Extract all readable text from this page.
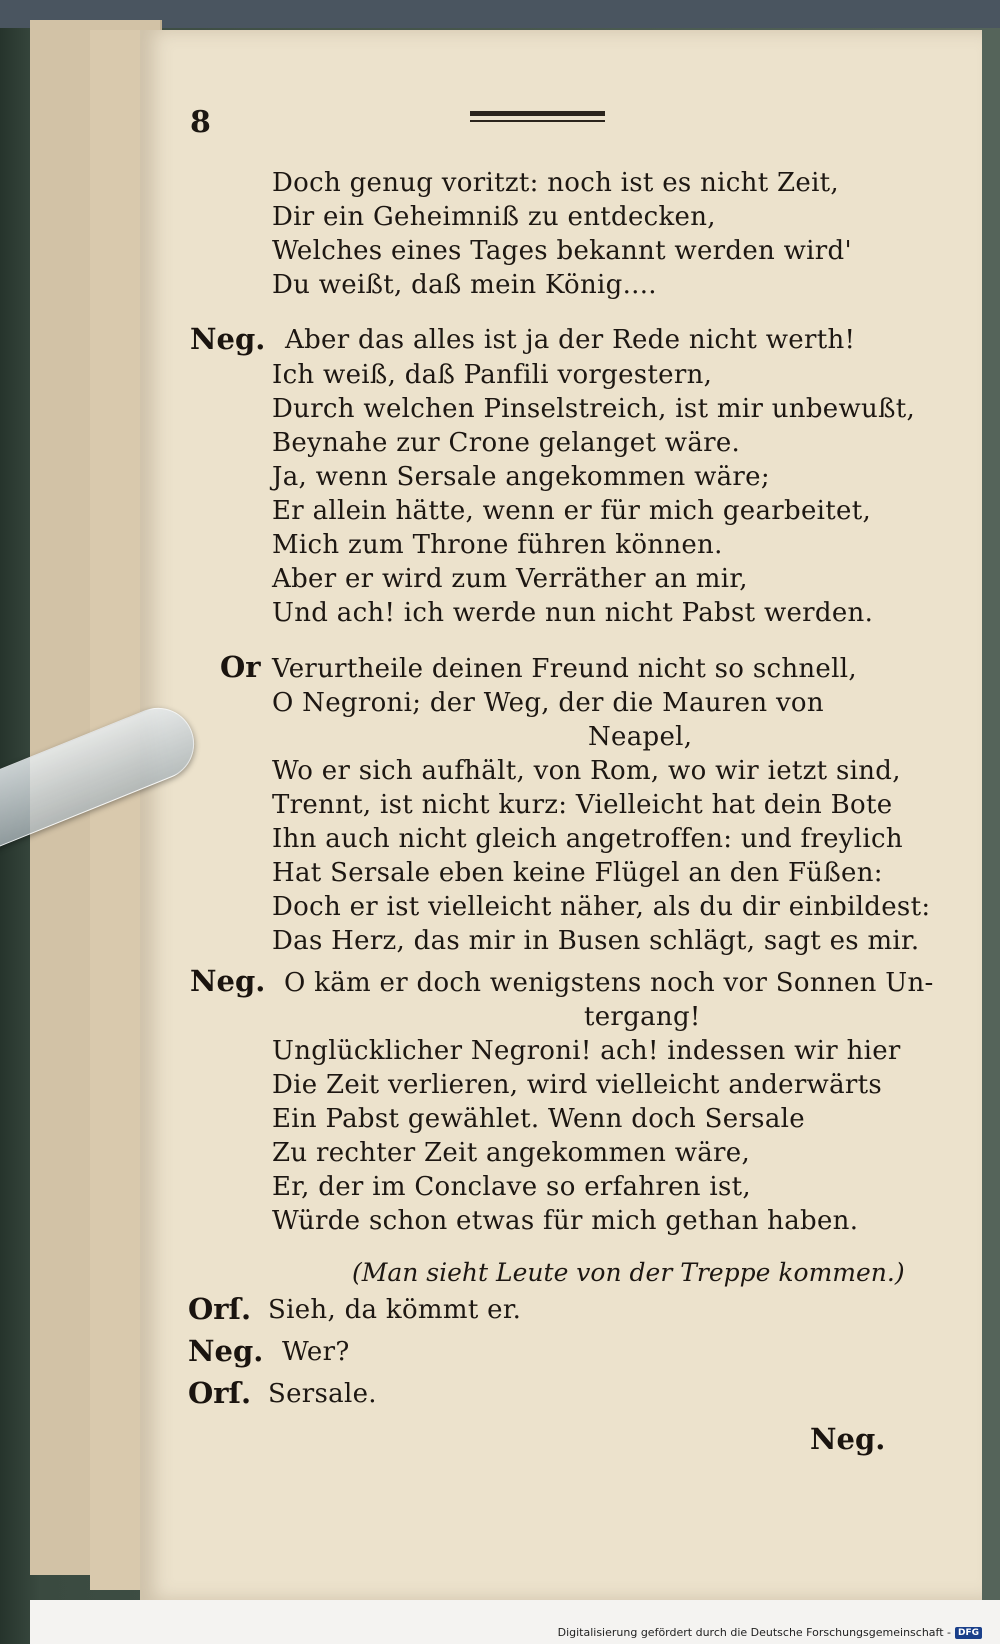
8
Doch genug voritzt: noch ist es nicht Zeit,
Dir ein Geheimniß zu entdecken,
Welches eines Tages bekannt werden wird'
Du weißt, daß mein König....
Neg. Aber das alles ist ja der Rede nicht werth!
Ich weiß, daß Panfili vorgestern,
Durch welchen Pinselstreich, ist mir unbewußt,
Beynahe zur Crone gelanget wäre.
Ja, wenn Sersale angekommen wäre;
Er allein hätte, wenn er für mich gearbeitet,
Mich zum Throne führen können.
Aber er wird zum Verräther an mir,
Und ach! ich werde nun nicht Pabst werden.
Or Verurtheile deinen Freund nicht so schnell,
O Negroni; der Weg, der die Mauren von
Neapel,
Wo er sich aufhält, von Rom, wo wir ietzt sind,
Trennt, ist nicht kurz: Vielleicht hat dein Bote
Ihn auch nicht gleich angetroffen: und freylich
Hat Sersale eben keine Flügel an den Füßen:
Doch er ist vielleicht näher, als du dir einbildest:
Das Herz, das mir in Busen schlägt, sagt es mir.
Neg. O käm er doch wenigstens noch vor Sonnen Un-
tergang!
Unglücklicher Negroni! ach! indessen wir hier
Die Zeit verlieren, wird vielleicht anderwärts
Ein Pabst gewählet. Wenn doch Sersale
Zu rechter Zeit angekommen wäre,
Er, der im Conclave so erfahren ist,
Würde schon etwas für mich gethan haben.
(Man sieht Leute von der Treppe kommen.)
Orſ. Sieh, da kömmt er.
Neg. Wer?
Orſ. Sersale.
Neg.
Digitalisierung gefördert durch die Deutsche Forschungsgemeinschaft - DFG
